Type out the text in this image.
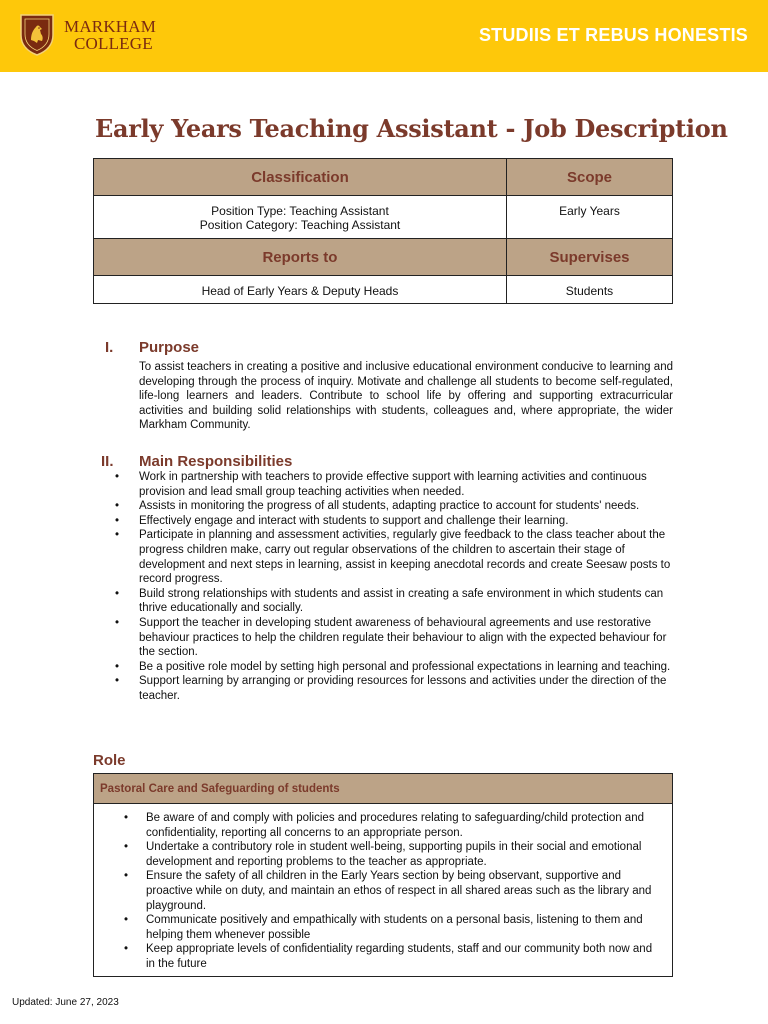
MARKHAM
COLLEGE	STUDIIS ET REBUS HONESTIS
Early Years Teaching Assistant - Job Description
Classification	Scope

Position Type: Teaching Assistant
Position Category: Teaching Assistant	Early Years
Reports to	Supervises
Head of Early Years & Deputy Heads	Students
I. Purpose
To assist teachers in creating a positive and inclusive educational environment conducive to learning and developing through the process of inquiry. Motivate and challenge all students to become self-regulated, life-long learners and leaders. Contribute to school life by offering and supporting extracurricular activities and building solid relationships with students, colleagues and, where appropriate, the wider Markham Community.
II. Main Responsibilities
• Work in partnership with teachers to provide effective support with learning activities and continuous provision and lead small group teaching activities when needed.
• Assists in monitoring the progress of all students, adapting practice to account for students' needs.
• Effectively engage and interact with students to support and challenge their learning.
• Participate in planning and assessment activities, regularly give feedback to the class teacher about the progress children make, carry out regular observations of the children to ascertain their stage of development and next steps in learning, assist in keeping anecdotal records and create Seesaw posts to record progress.
• Build strong relationships with students and assist in creating a safe environment in which students can thrive educationally and socially.
• Support the teacher in developing student awareness of behavioural agreements and use restorative behaviour practices to help the children regulate their behaviour to align with the expected behaviour for the section.
• Be a positive role model by setting high personal and professional expectations in learning and teaching.
• Support learning by arranging or providing resources for lessons and activities under the direction of the teacher.
Role
Pastoral Care and Safeguarding of students
• Be aware of and comply with policies and procedures relating to safeguarding/child protection and confidentiality, reporting all concerns to an appropriate person.
• Undertake a contributory role in student well-being, supporting pupils in their social and emotional development and reporting problems to the teacher as appropriate.
• Ensure the safety of all children in the Early Years section by being observant, supportive and proactive while on duty, and maintain an ethos of respect in all shared areas such as the library and playground.
• Communicate positively and empathically with students on a personal basis, listening to them and helping them whenever possible
• Keep appropriate levels of confidentiality regarding students, staff and our community both now and in the future
Updated: June 27, 2023
